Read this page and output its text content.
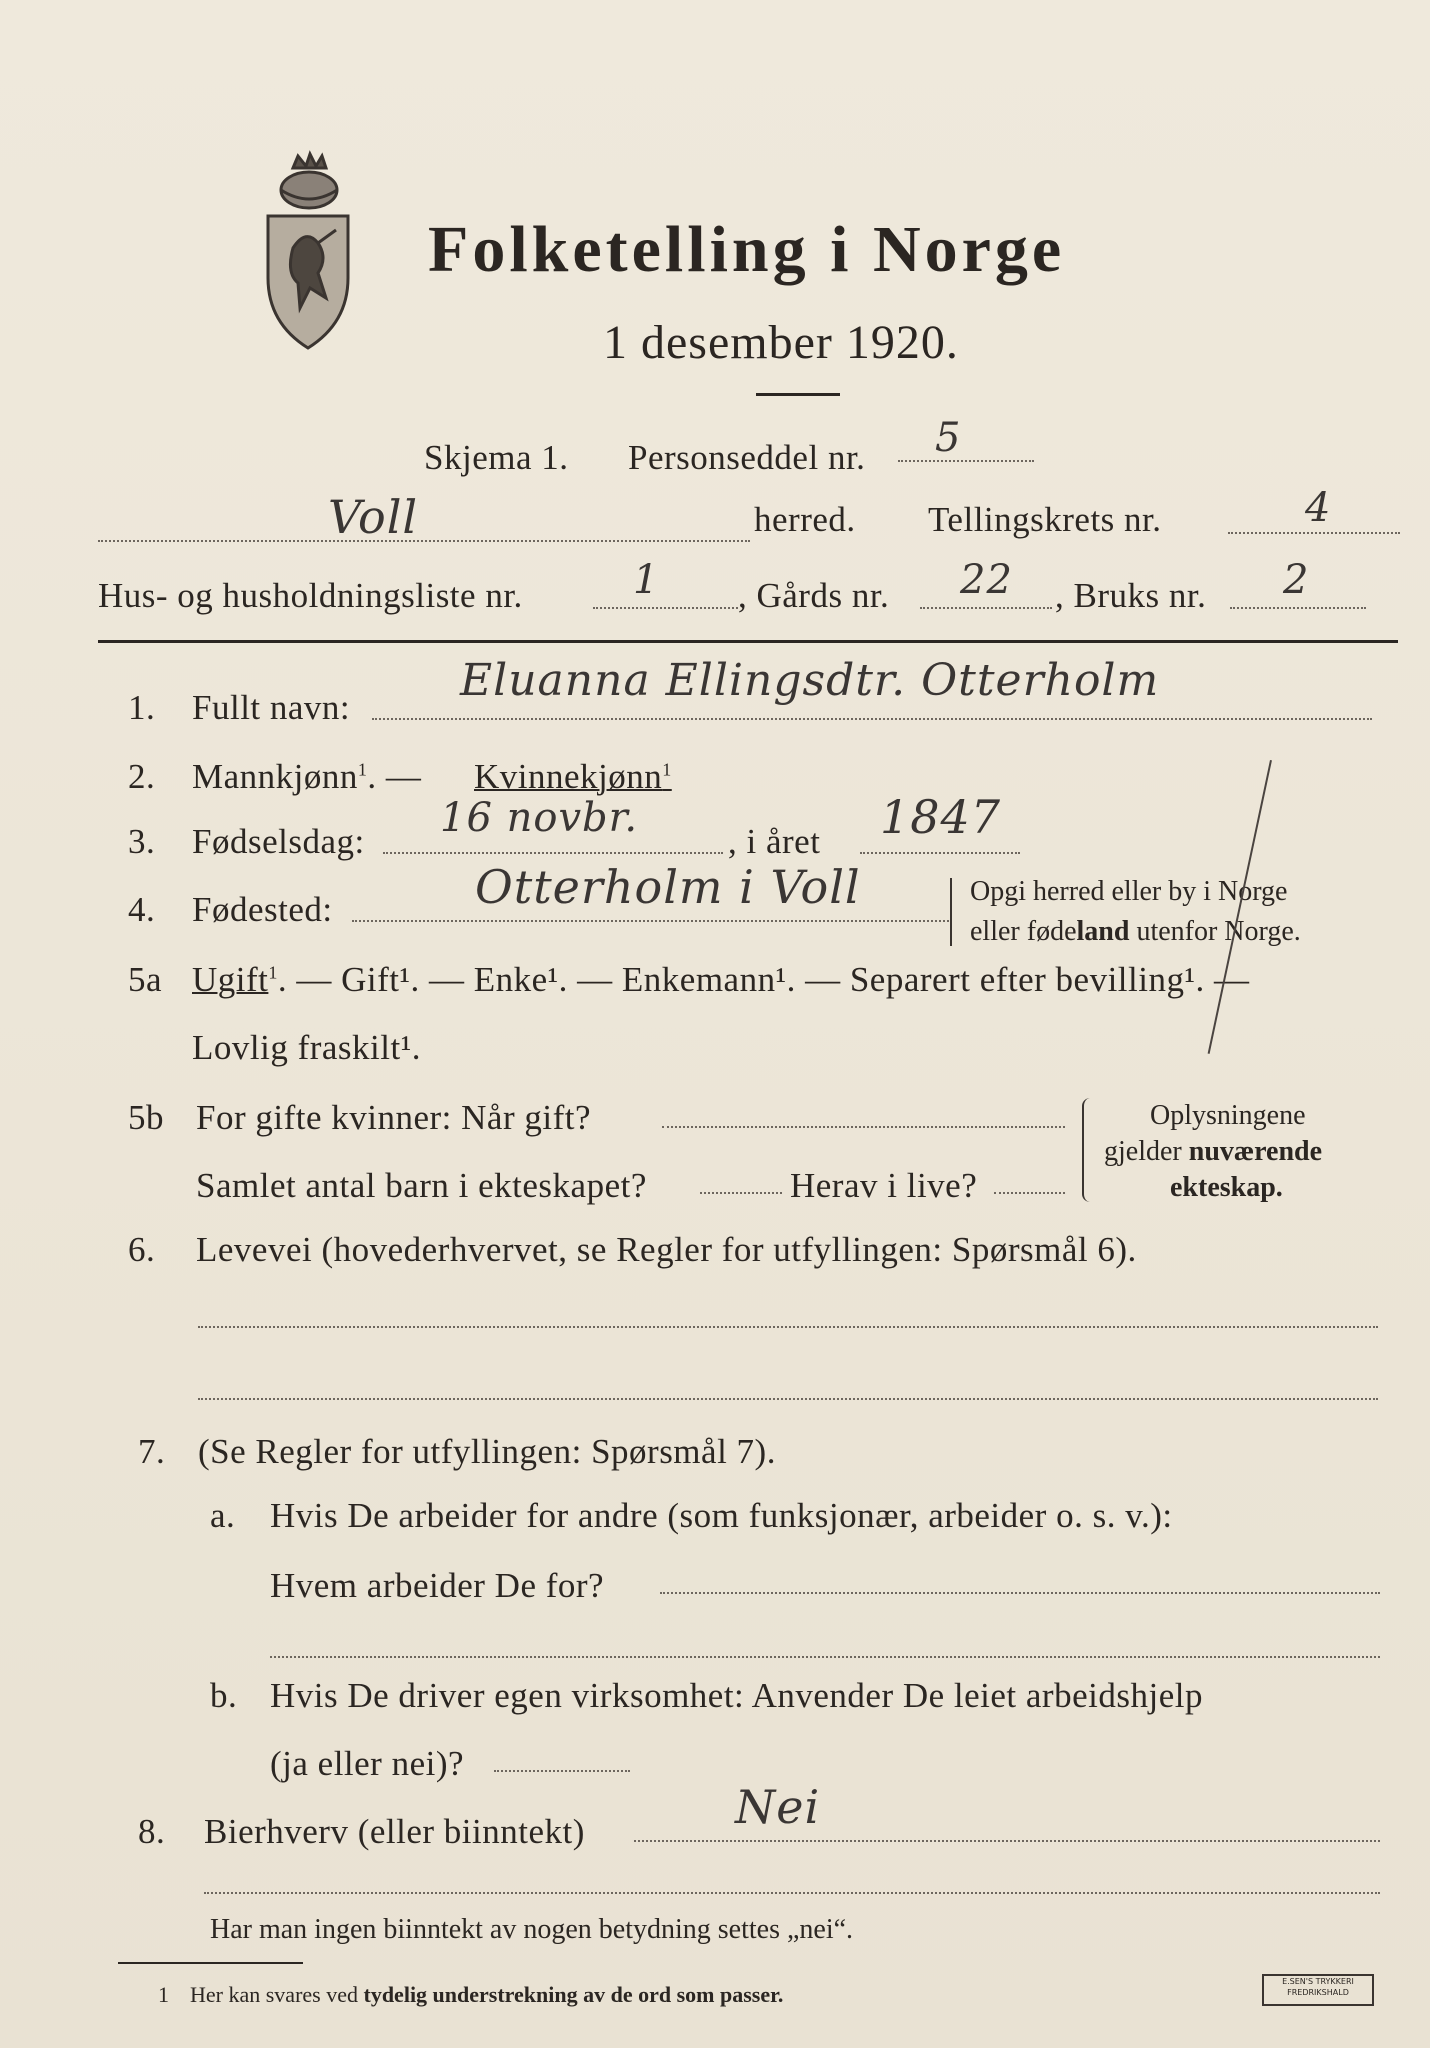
Folketelling i Norge
1 desember 1920.
Skjema 1. Personseddel nr. 5
Voll	herred. Tellingskrets nr.	4
Hus- og husholdningsliste nr.	1 , Gårds nr. 22 , Bruks nr. 2
1. Fullt navn:
Eluanna Ellingsdtr. Otterholm
2. Mannkjønn$^1$. — Kvinnekjønn$^1$
3. Fødselsdag:
16 novbr.
, i året 1847
4. Fødested:	Otterholm i Voll	Opgi herred eller by i Norge
eller fødeland utenfor Norge.
5a Ugift$^1$. — Gift¹. — Enke¹. — Enkemann¹. — Separert efter bevilling¹. —
Lovlig fraskilt¹.
5b For gifte kvinner: Når gift?
Samlet antal barn i ekteskapet?	Herav i live?
Oplysningene
gjelder nuværende
ekteskap.
6. Levevei (hovederhvervet, se Regler for utfyllingen: Spørsmål 6).
7. (Se Regler for utfyllingen: Spørsmål 7).
a. Hvis De arbeider for andre (som funksjonær, arbeider o. s. v.):
Hvem arbeider De for?
b. Hvis De driver egen virksomhet: Anvender De leiet arbeidshjelp
(ja eller nei)?
8. Bierhverv (eller biinntekt)	Nei
Har man ingen biinntekt av nogen betydning settes „nei“.
1 Her kan svares ved tydelig understrekning av de ord som passer.
E.SEN'S TRYKKERI
FREDRIKSHALD
